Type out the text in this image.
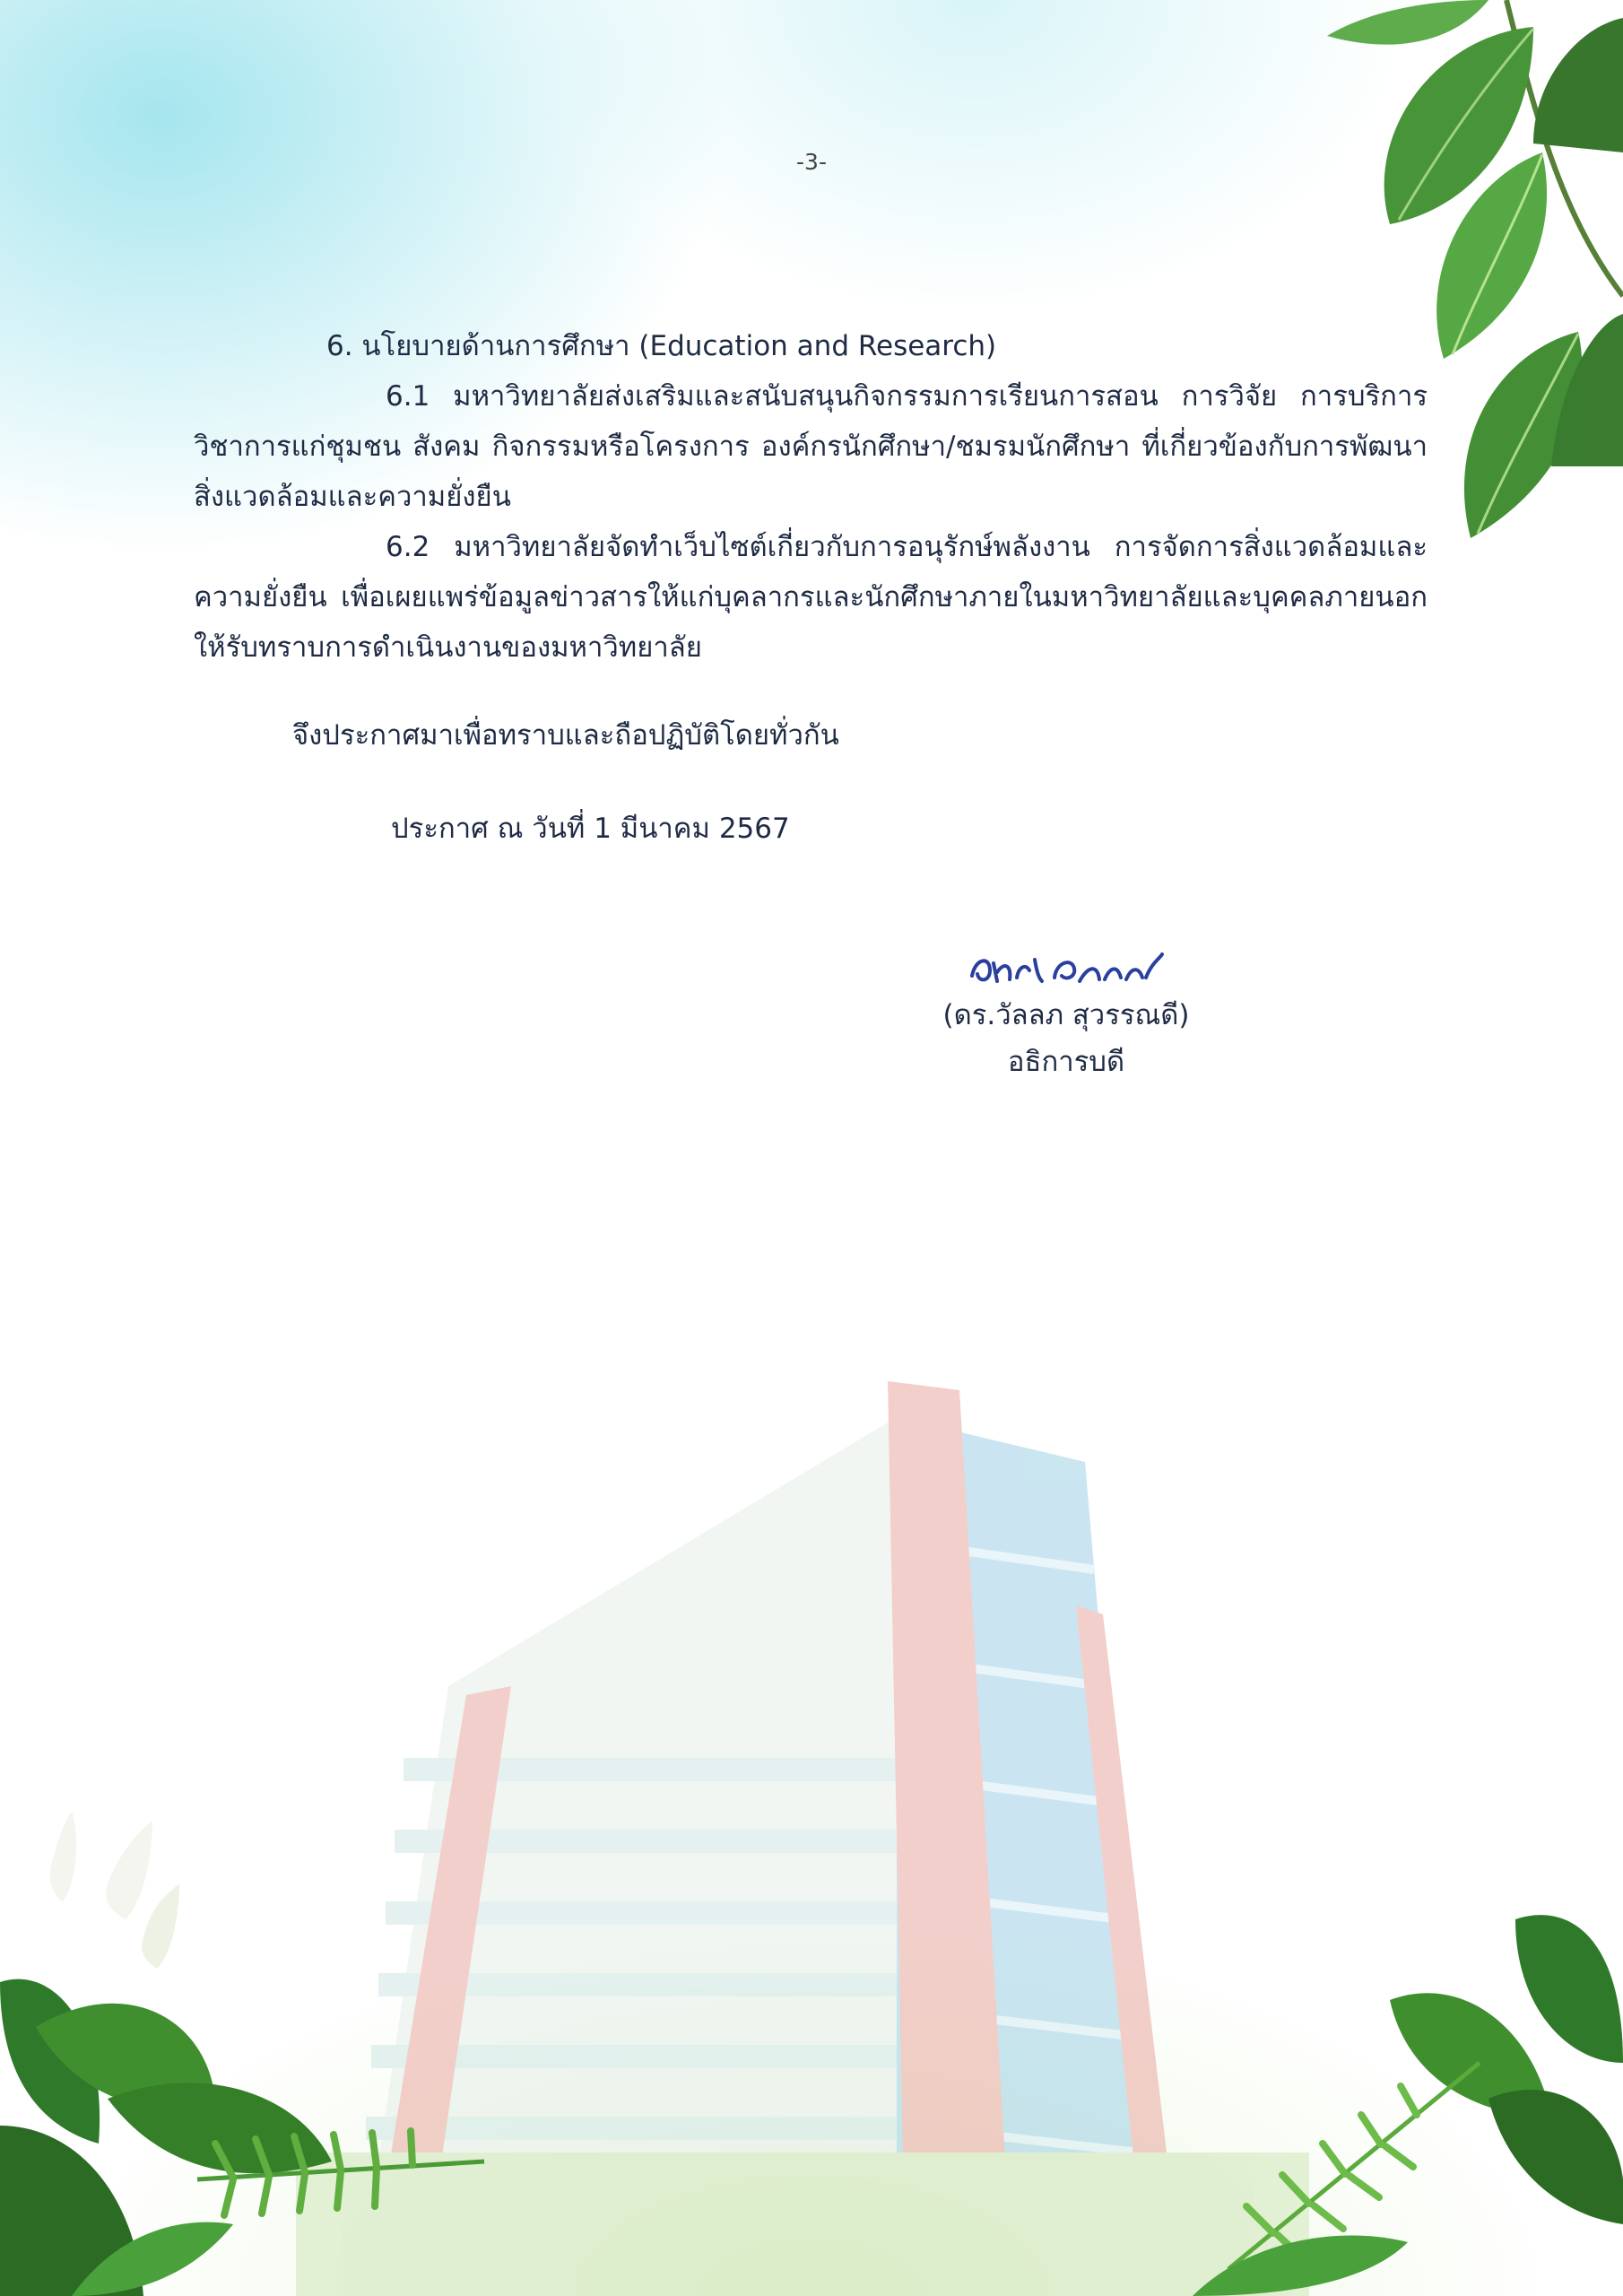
-3-
6. นโยบายด้านการศึกษา (Education and Research)
6.1 มหาวิทยาลัยส่งเสริมและสนับสนุนกิจกรรมการเรียนการสอน การวิจัย การบริการวิชาการแก่ชุมชน สังคม กิจกรรมหรือโครงการ องค์กรนักศึกษา/ชมรมนักศึกษา ที่เกี่ยวข้องกับการพัฒนาสิ่งแวดล้อมและความยั่งยืน
6.2 มหาวิทยาลัยจัดทำเว็บไซต์เกี่ยวกับการอนุรักษ์พลังงาน การจัดการสิ่งแวดล้อมและความยั่งยืน เพื่อเผยแพร่ข้อมูลข่าวสารให้แก่บุคลากรและนักศึกษาภายในมหาวิทยาลัยและบุคคลภายนอกให้รับทราบการดำเนินงานของมหาวิทยาลัย
จึงประกาศมาเพื่อทราบและถือปฏิบัติโดยทั่วกัน
ประกาศ ณ วันที่ 1 มีนาคม 2567
(ดร.วัลลภ สุวรรณดี)
อธิการบดี
